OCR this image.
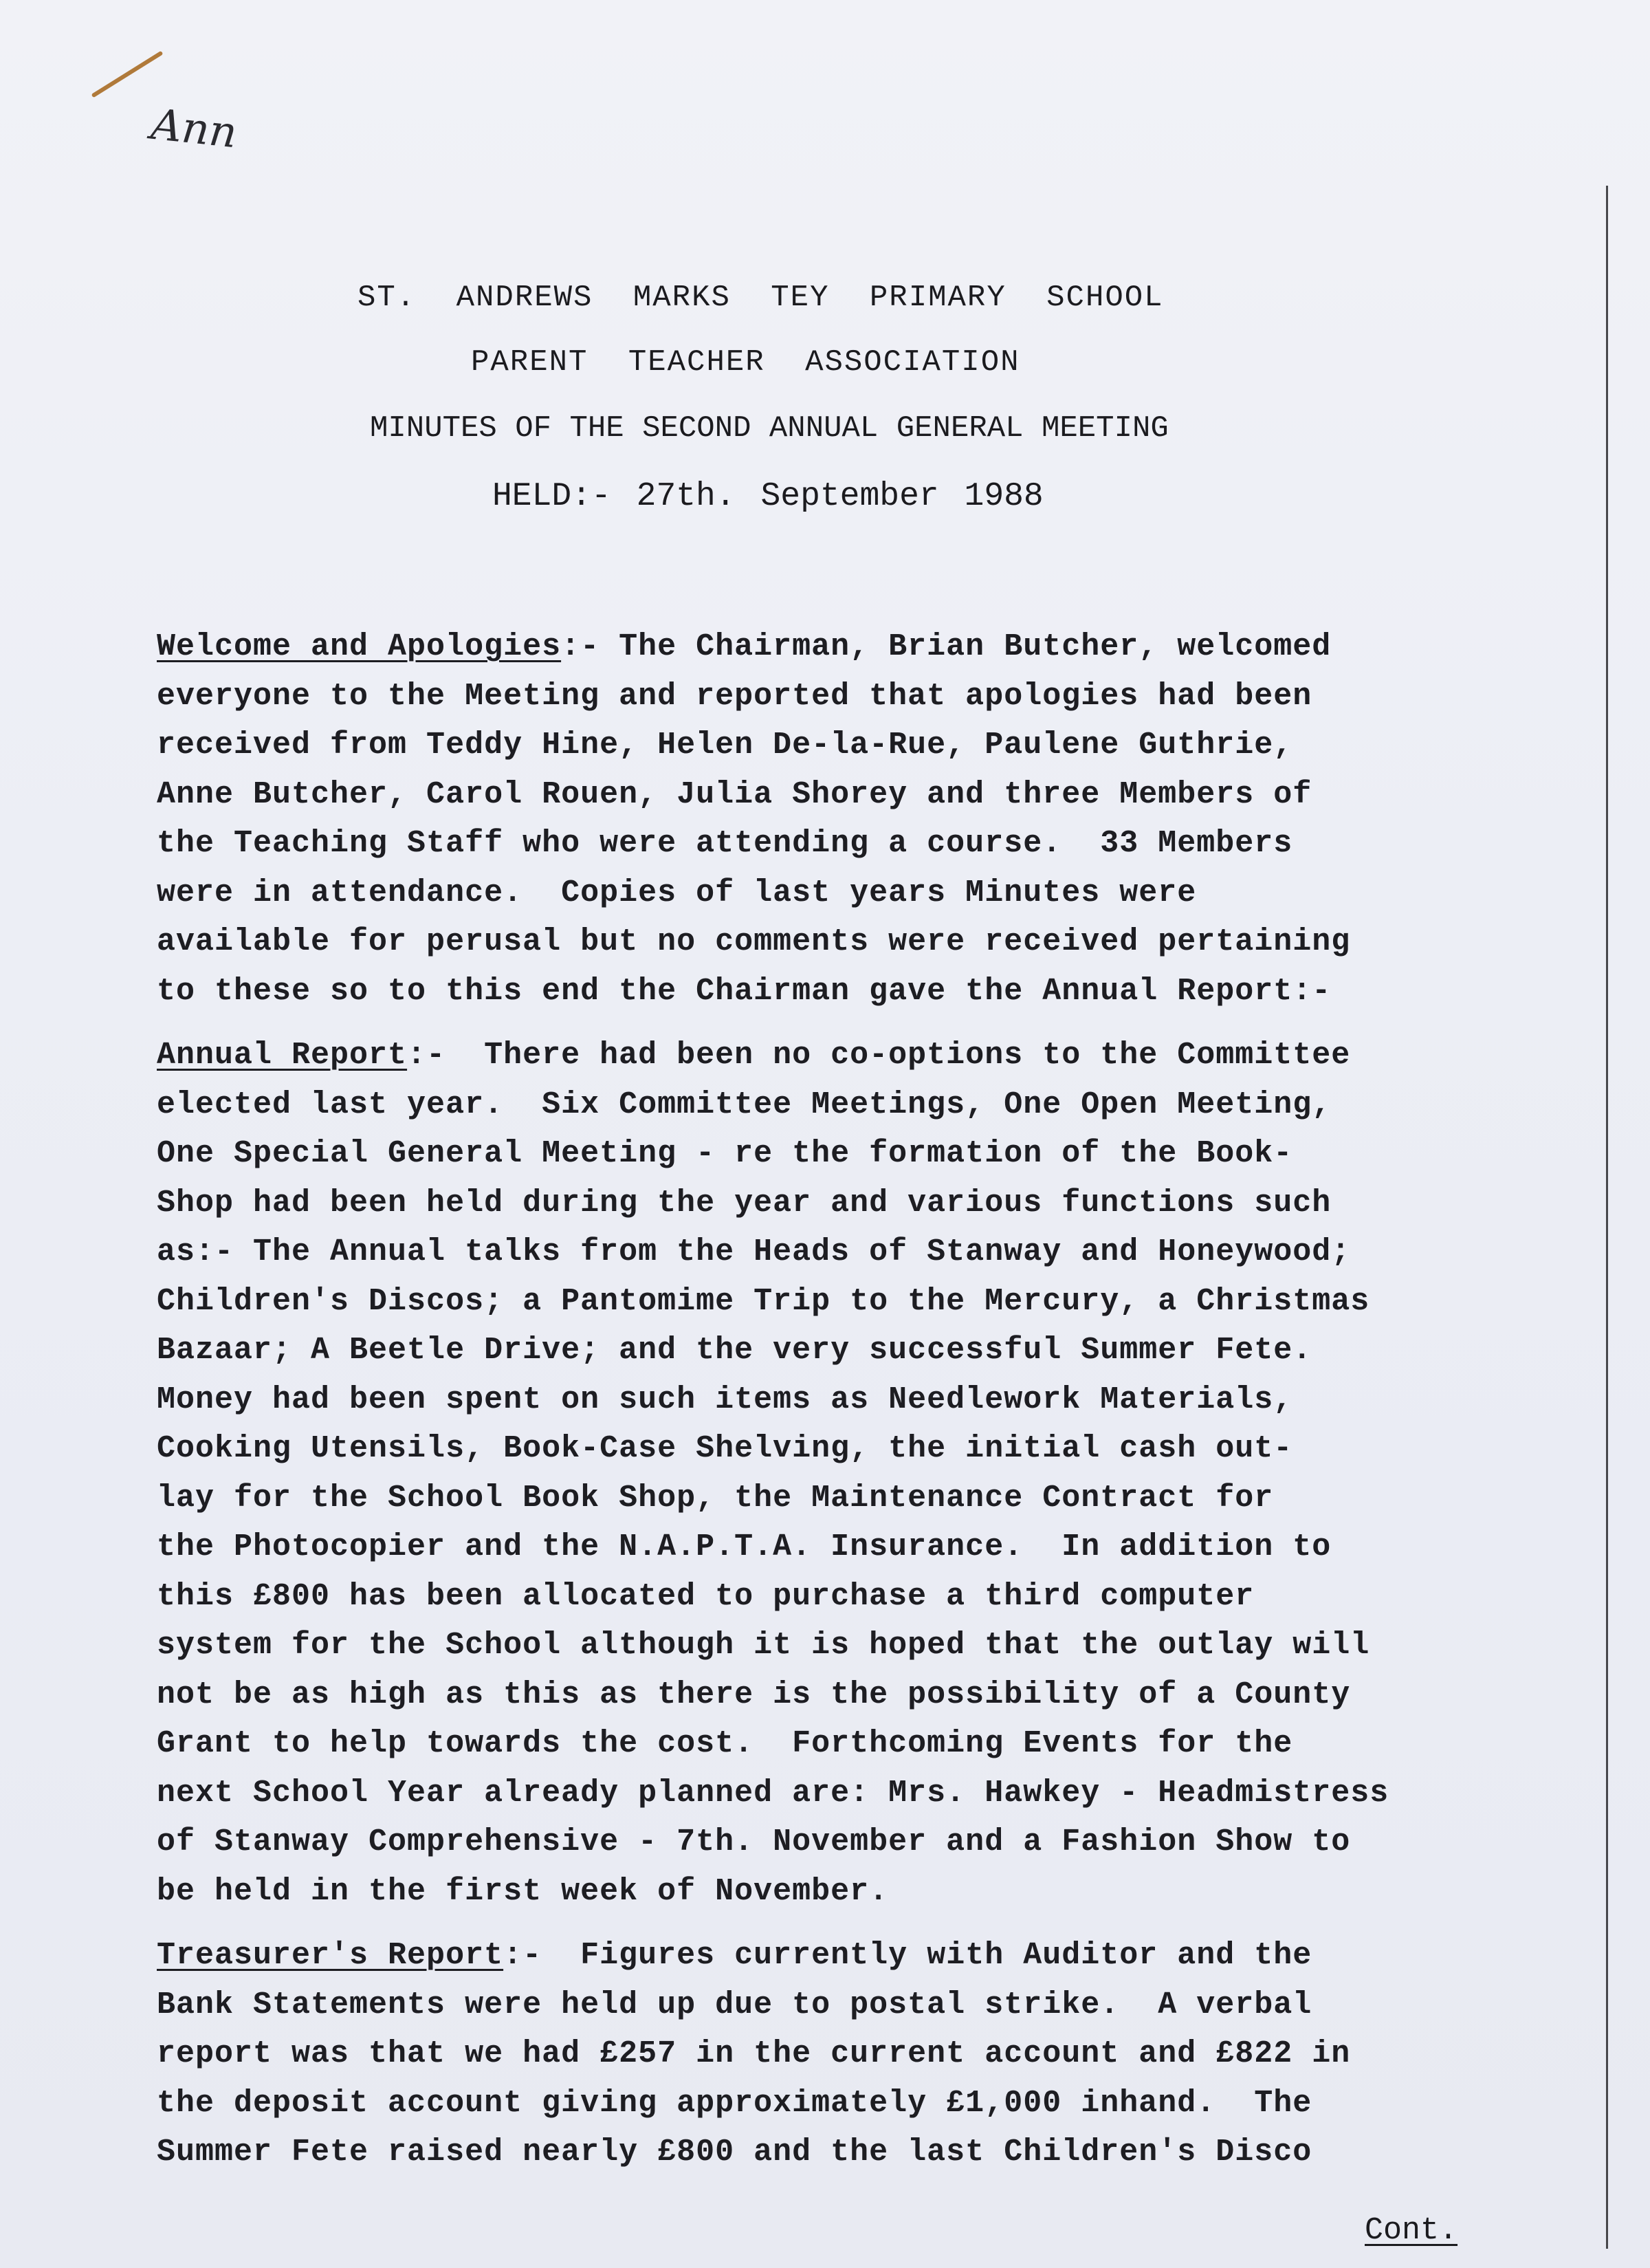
Ann
ST. ANDREWS MARKS TEY PRIMARY SCHOOL
PARENT TEACHER ASSOCIATION
MINUTES OF THE SECOND ANNUAL GENERAL MEETING
HELD:- 27th. September 1988
Welcome and Apologies:- The Chairman, Brian Butcher, welcomed
everyone to the Meeting and reported that apologies had been
received from Teddy Hine, Helen De-la-Rue, Paulene Guthrie,
Anne Butcher, Carol Rouen, Julia Shorey and three Members of
the Teaching Staff who were attending a course.  33 Members
were in attendance.  Copies of last years Minutes were
available for perusal but no comments were received pertaining
to these so to this end the Chairman gave the Annual Report:-
Annual Report:-  There had been no co-options to the Committee
elected last year.  Six Committee Meetings, One Open Meeting,
One Special General Meeting - re the formation of the Book-
Shop had been held during the year and various functions such
as:- The Annual talks from the Heads of Stanway and Honeywood;
Children's Discos; a Pantomime Trip to the Mercury, a Christmas
Bazaar; A Beetle Drive; and the very successful Summer Fete.
Money had been spent on such items as Needlework Materials,
Cooking Utensils, Book-Case Shelving, the initial cash out-
lay for the School Book Shop, the Maintenance Contract for
the Photocopier and the N.A.P.T.A. Insurance.  In addition to
this £800 has been allocated to purchase a third computer
system for the School although it is hoped that the outlay will
not be as high as this as there is the possibility of a County
Grant to help towards the cost.  Forthcoming Events for the
next School Year already planned are: Mrs. Hawkey - Headmistress
of Stanway Comprehensive - 7th. November and a Fashion Show to
be held in the first week of November.
Treasurer's Report:-  Figures currently with Auditor and the
Bank Statements were held up due to postal strike.  A verbal
report was that we had £257 in the current account and £822 in
the deposit account giving approximately £1,000 inhand.  The
Summer Fete raised nearly £800 and the last Children's Disco
Cont.
